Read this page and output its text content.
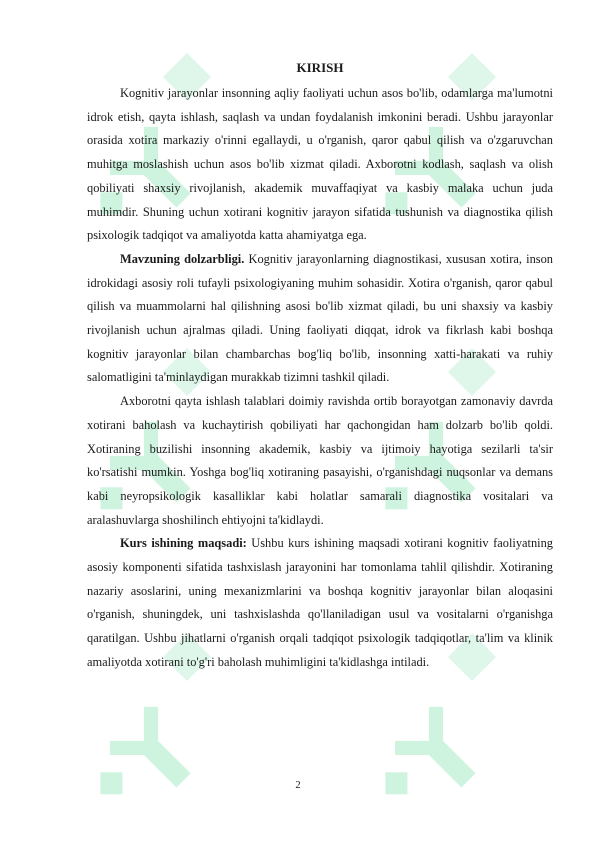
KIRISH

Kognitiv jarayonlar insonning aqliy faoliyati uchun asos bo'lib, odamlarga ma'lumotni idrok etish, qayta ishlash, saqlash va undan foydalanish imkonini beradi. Ushbu jarayonlar orasida xotira markaziy o'rinni egallaydi, u o'rganish, qaror qabul qilish va o'zgaruvchan muhitga moslashish uchun asos bo'lib xizmat qiladi. Axborotni kodlash, saqlash va olish qobiliyati shaxsiy rivojlanish, akademik muvaffaqiyat va kasbiy malaka uchun juda muhimdir. Shuning uchun xotirani kognitiv jarayon sifatida tushunish va diagnostika qilish psixologik tadqiqot va amaliyotda katta ahamiyatga ega.

Mavzuning dolzarbligi. Kognitiv jarayonlarning diagnostikasi, xususan xotira, inson idrokidagi asosiy roli tufayli psixologiyaning muhim sohasidir. Xotira o'rganish, qaror qabul qilish va muammolarni hal qilishning asosi bo'lib xizmat qiladi, bu uni shaxsiy va kasbiy rivojlanish uchun ajralmas qiladi. Uning faoliyati diqqat, idrok va fikrlash kabi boshqa kognitiv jarayonlar bilan chambarchas bog'liq bo'lib, insonning xatti-harakati va ruhiy salomatligini ta'minlaydigan murakkab tizimni tashkil qiladi.

Axborotni qayta ishlash talablari doimiy ravishda ortib borayotgan zamonaviy davrda xotirani baholash va kuchaytirish qobiliyati har qachongidan ham dolzarb bo'lib qoldi. Xotiraning buzilishi insonning akademik, kasbiy va ijtimoiy hayotiga sezilarli ta'sir ko'rsatishi mumkin. Yoshga bog'liq xotiraning pasayishi, o'rganishdagi nuqsonlar va demans kabi neyropsikologik kasalliklar kabi holatlar samarali diagnostika vositalari va aralashuvlarga shoshilinch ehtiyojni ta'kidlaydi.

Kurs ishining maqsadi: Ushbu kurs ishining maqsadi xotirani kognitiv faoliyatning asosiy komponenti sifatida tashxislash jarayonini har tomonlama tahlil qilishdir. Xotiraning nazariy asoslarini, uning mexanizmlarini va boshqa kognitiv jarayonlar bilan aloqasini o'rganish, shuningdek, uni tashxislashda qo'llaniladigan usul va vositalarni o'rganishga qaratilgan. Ushbu jihatlarni o'rganish orqali tadqiqot psixologik tadqiqotlar, ta'lim va klinik amaliyotda xotirani to'g'ri baholash muhimligini ta'kidlashga intiladi.

2
